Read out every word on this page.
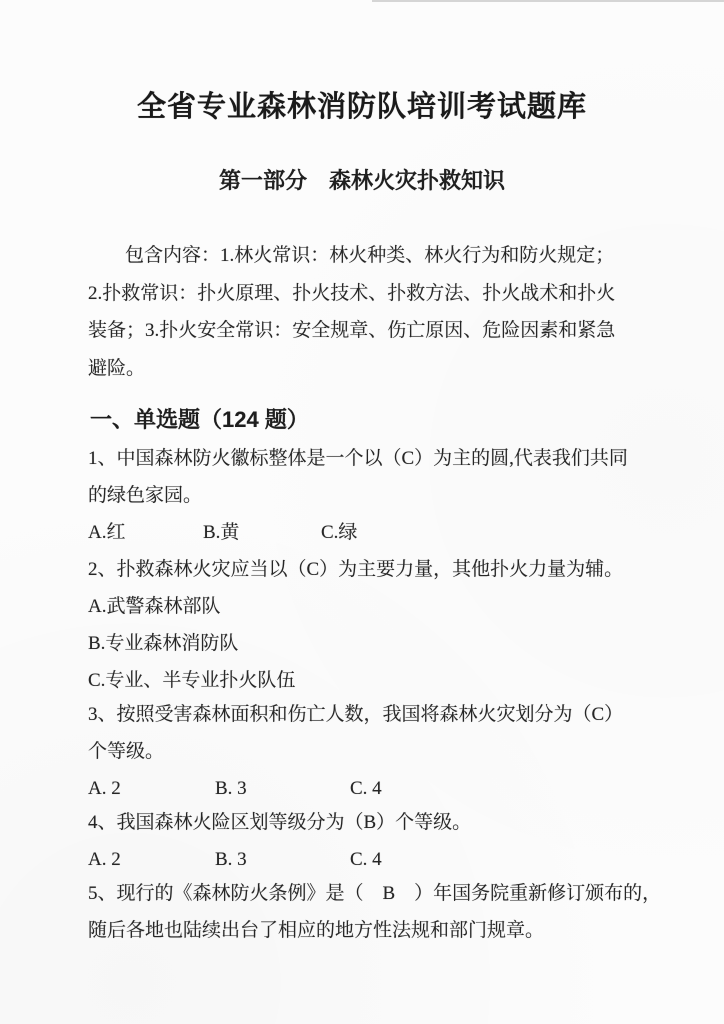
全省专业森林消防队培训考试题库
第一部分　森林火灾扑救知识
包含内容：1.林火常识：林火种类、林火行为和防火规定；
2.扑救常识：扑火原理、扑火技术、扑救方法、扑火战术和扑火
装备；3.扑火安全常识：安全规章、伤亡原因、危险因素和紧急
避险。
一、单选题（124 题）
1、中国森林防火徽标整体是一个以（C）为主的圆,代表我们共同
的绿色家园。
A.红	B.黄	C.绿
2、扑救森林火灾应当以（C）为主要力量，其他扑火力量为辅。
A.武警森林部队
B.专业森林消防队
C.专业、半专业扑火队伍
3、按照受害森林面积和伤亡人数，我国将森林火灾划分为（C）
个等级。
A. 2	B. 3	C. 4
4、我国森林火险区划等级分为（B）个等级。
A. 2	B. 3	C. 4
5、现行的《森林防火条例》是（　B　）年国务院重新修订颁布的，
随后各地也陆续出台了相应的地方性法规和部门规章。
